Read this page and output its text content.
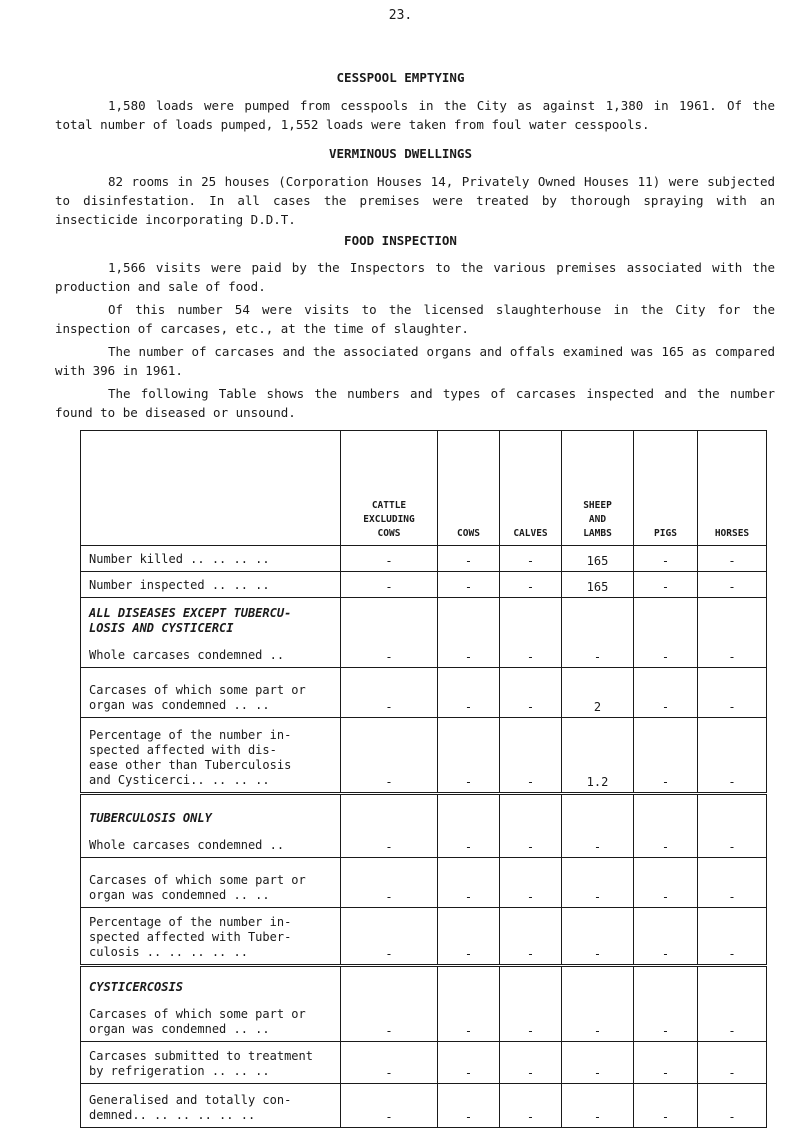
23.
CESSPOOL EMPTYING

1,580 loads were pumped from cesspools in the City as against 1,380 in 1961. Of the total number of loads pumped, 1,552 loads were taken from foul water cesspools.

VERMINOUS DWELLINGS

82 rooms in 25 houses (Corporation Houses 14, Privately Owned Houses 11) were subjected to disinfestation. In all cases the premises were treated by thorough spraying with an insecticide incorporating D.D.T.

FOOD INSPECTION

1,566 visits were paid by the Inspectors to the various premises associated with the production and sale of food.

Of this number 54 were visits to the licensed slaughterhouse in the City for the inspection of carcases, etc., at the time of slaughter.

The number of carcases and the associated organs and offals examined was 165 as compared with 396 in 1961.

The following Table shows the numbers and types of carcases inspected and the number found to be diseased or unsound.

	CATTLE
EXCLUDING
COWS	COWS	CALVES	SHEEP
AND
LAMBS	PIGS	HORSES

Number killed .. .. .. ..	-	-	-	165	-	-

Number inspected .. .. ..	-	-	-	165	-	-

ALL DISEASES EXCEPT TUBERCU- LOSIS AND CYSTICERCI
Whole carcases condemned ..	-	-	-	-	-	-

Carcases of which some part or
organ was condemned .. ..	-	-	-	2	-	-

Percentage of the number in-
spected affected with dis-
ease other than Tuberculosis
and Cysticerci.. .. .. ..	-	-	-	1.2	-	-

TUBERCULOSIS ONLY
Whole carcases condemned ..	-	-	-	-	-	-

Carcases of which some part or
organ was condemned .. ..	-	-	-	-	-	-

Percentage of the number in-
spected affected with Tuber-
culosis .. .. .. .. ..	-	-	-	-	-	-

CYSTICERCOSIS
Carcases of which some part or
organ was condemned .. ..	-	-	-	-	-	-

Carcases submitted to treatment
by refrigeration .. .. ..	-	-	-	-	-	-

Generalised and totally con-
demned.. .. .. .. .. ..	-	-	-	-	-	-
